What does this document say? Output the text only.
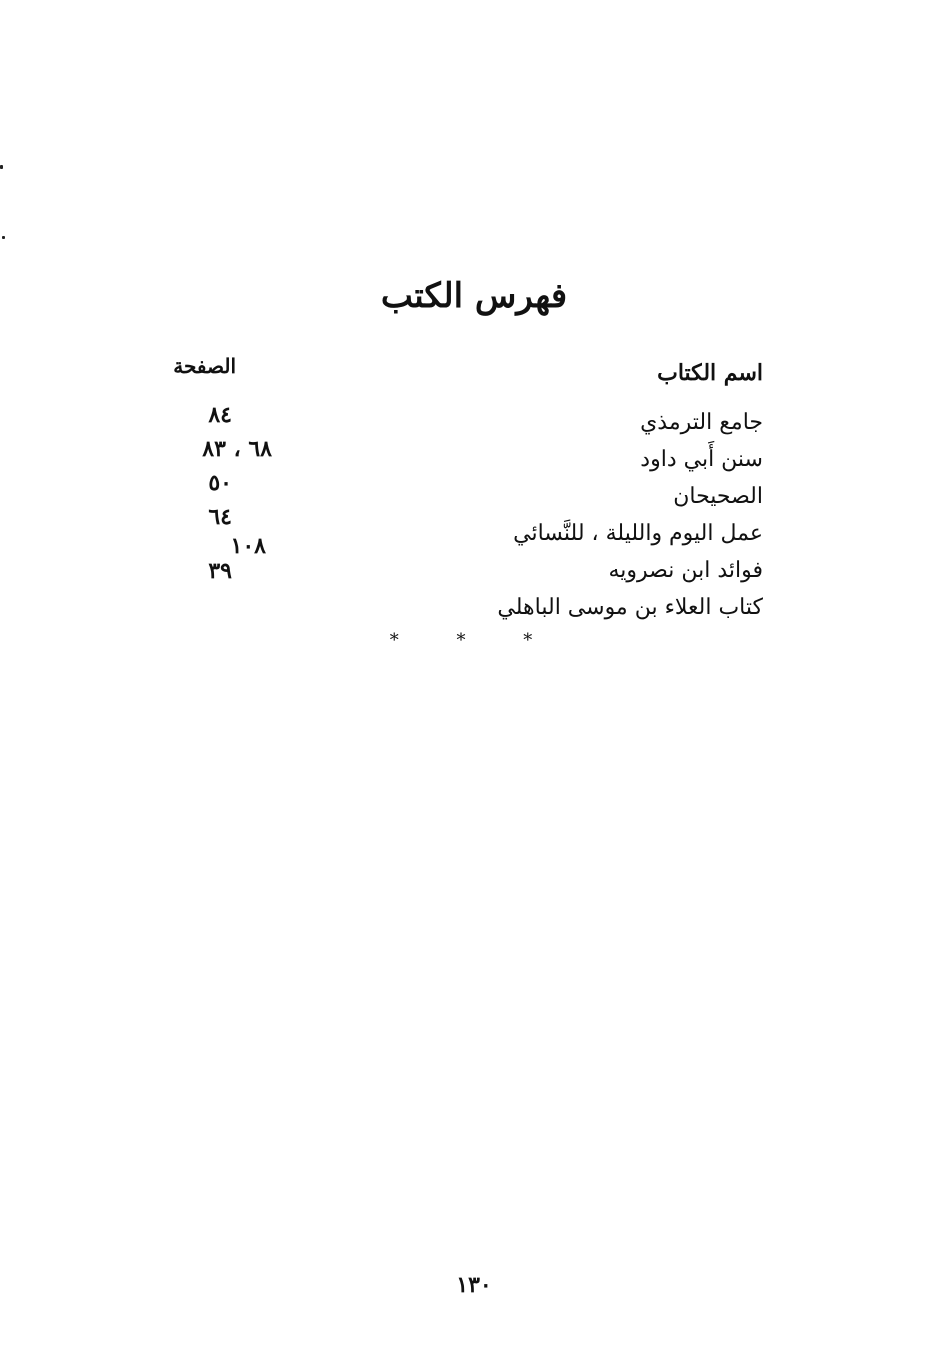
فهرس الكتب
اسم الكتاب
الصفحة
جامع الترمذي
سنن أَبي داود
الصحيحان
عمل اليوم والليلة ، للنَّسائي
فوائد ابن نصرويه
كتاب العلاء بن موسى الباهلي
٨٤
٦٨ ، ٨٣
٥٠
٦٤
١٠٨
٣٩
* * *
١٣٠
